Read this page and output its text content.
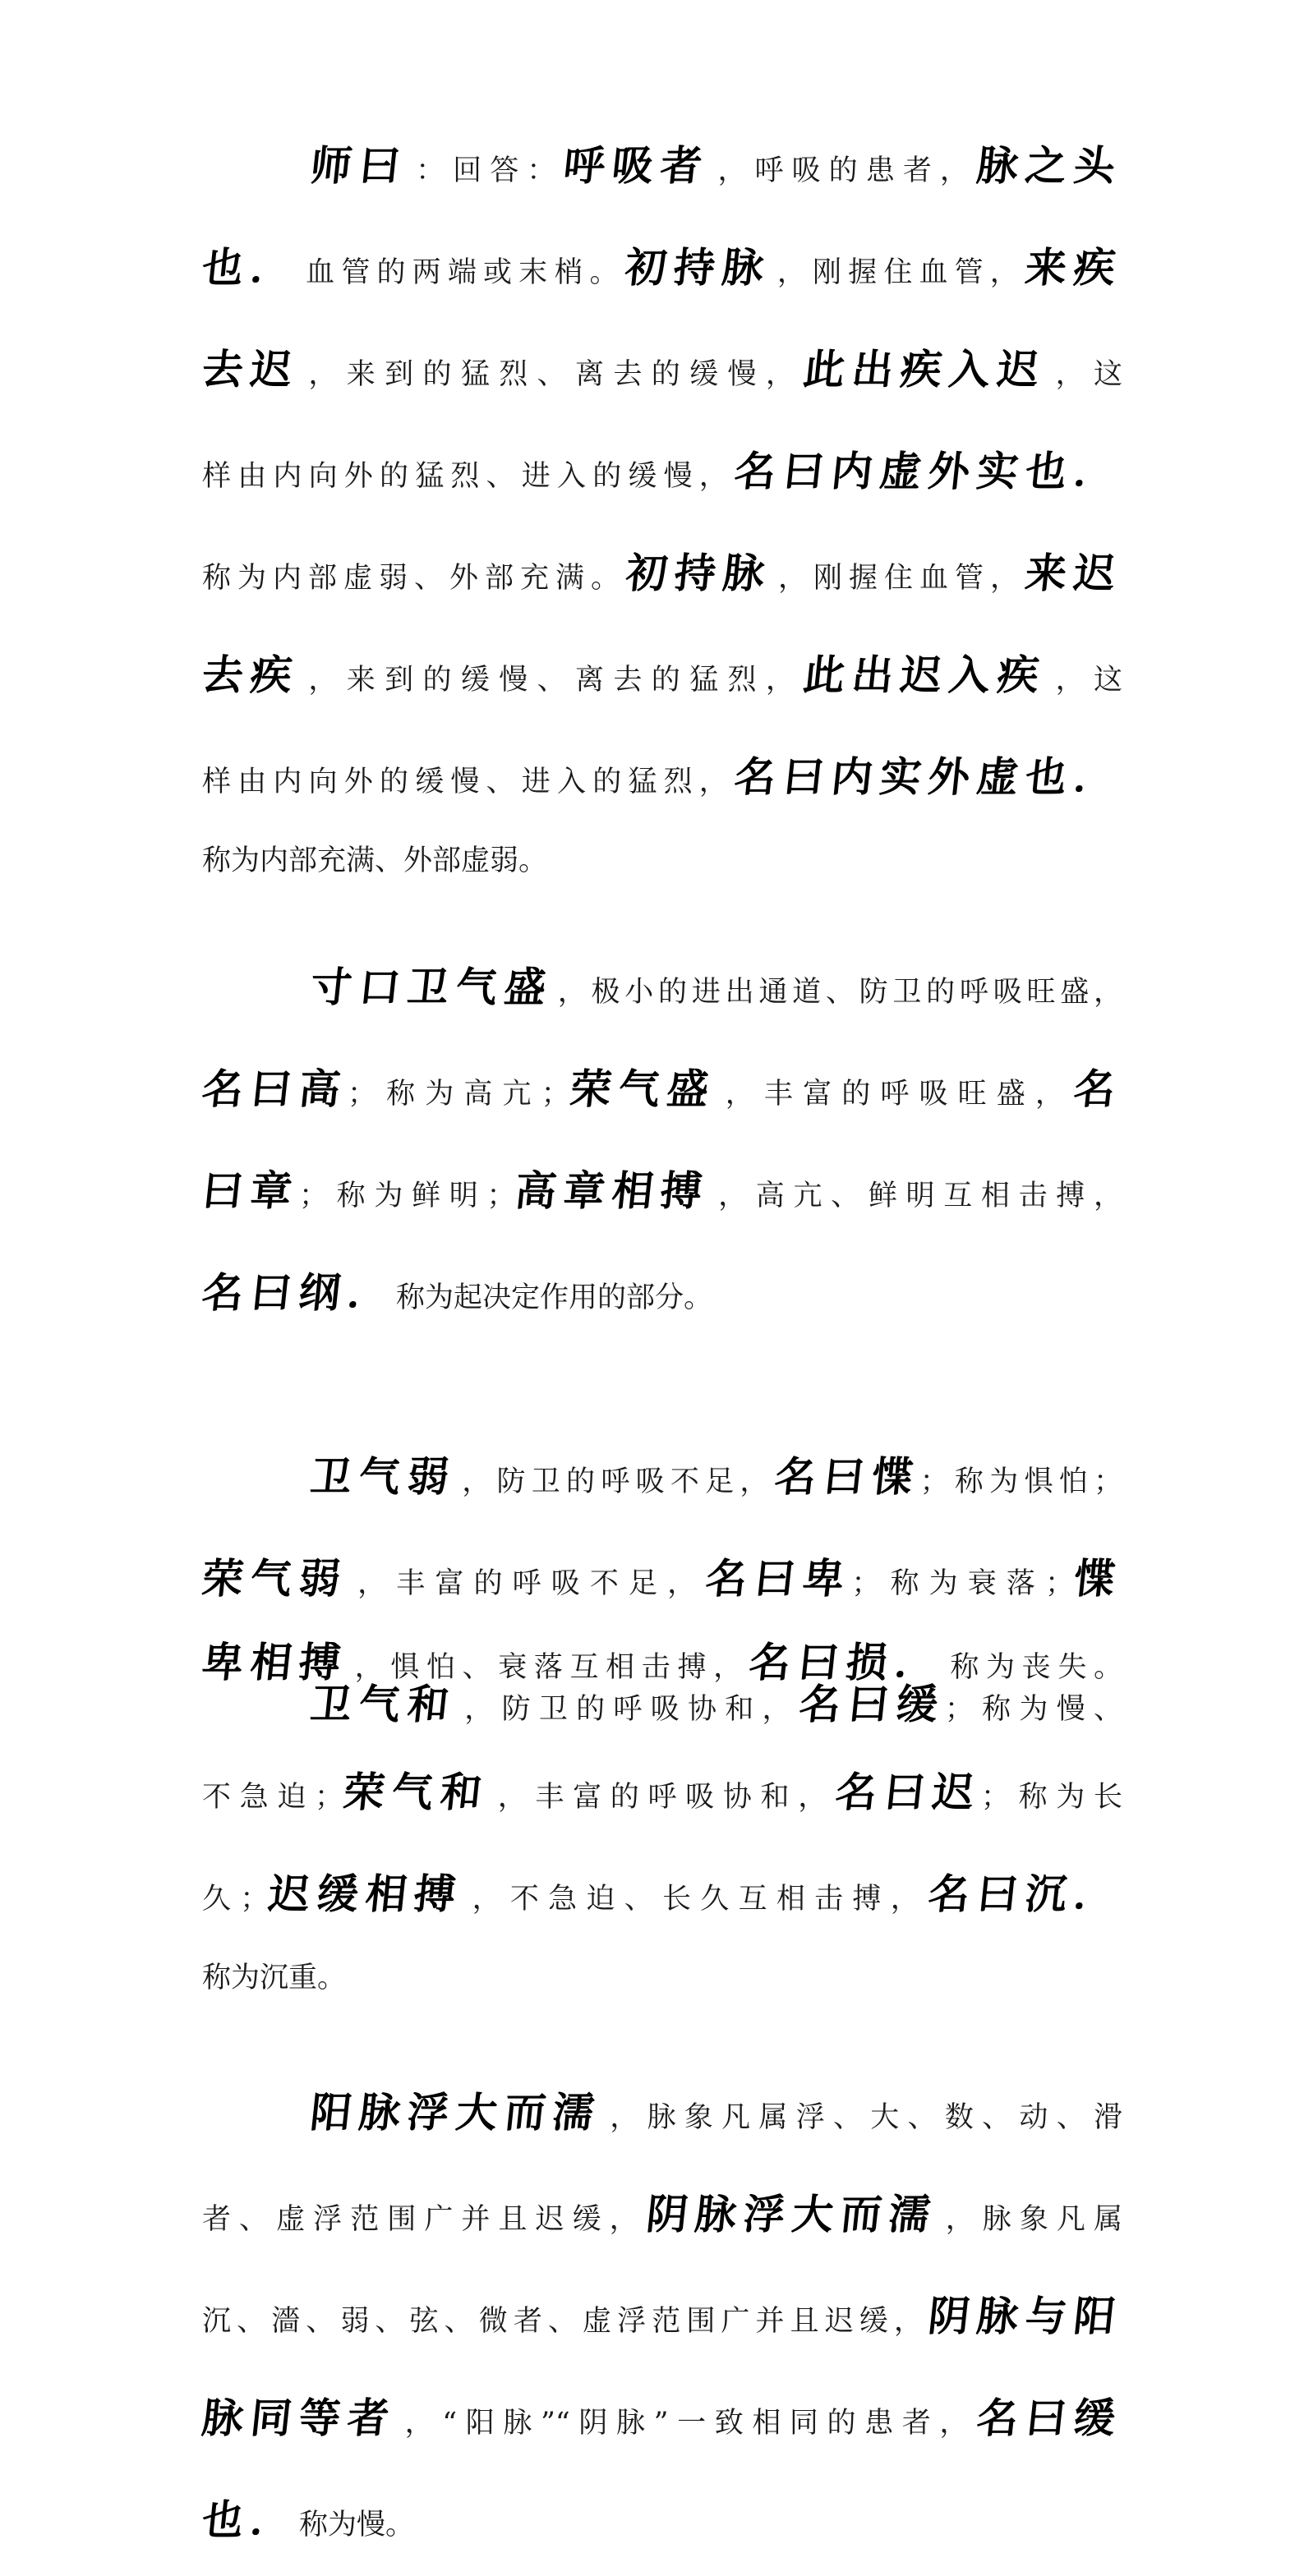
师曰：回答：呼吸者，呼吸的患者，脉之头
也．血管的两端或末梢。初持脉，刚握住血管，来疾
去迟，来到的猛烈、离去的缓慢，此出疾入迟，这
样由内向外的猛烈、进入的缓慢，名曰内虚外实也．
称为内部虚弱、外部充满。初持脉，刚握住血管，来迟
去疾，来到的缓慢、离去的猛烈，此出迟入疾，这
样由内向外的缓慢、进入的猛烈，名曰内实外虚也．
称为内部充满、外部虚弱。
寸口卫气盛，极小的进出通道、防卫的呼吸旺盛，
名曰高；称为高亢；荣气盛，丰富的呼吸旺盛，名
曰章；称为鲜明；高章相搏，高亢、鲜明互相击搏，
名曰纲．称为起决定作用的部分。
卫气弱，防卫的呼吸不足，名曰惵；称为惧怕；
荣气弱，丰富的呼吸不足，名曰卑；称为衰落；惵
卑相搏，惧怕、衰落互相击搏，名曰损．称为丧失。
卫气和，防卫的呼吸协和，名曰缓；称为慢、
不急迫；荣气和，丰富的呼吸协和，名曰迟；称为长
久；迟缓相搏，不急迫、长久互相击搏，名曰沉．
称为沉重。
阳脉浮大而濡，脉象凡属浮、大、数、动、滑
者、虚浮范围广并且迟缓，阴脉浮大而濡，脉象凡属
沉、濇、弱、弦、微者、虚浮范围广并且迟缓，阴脉与阳
脉同等者，“阳脉”“阴脉”一致相同的患者，名曰缓
也．称为慢。
